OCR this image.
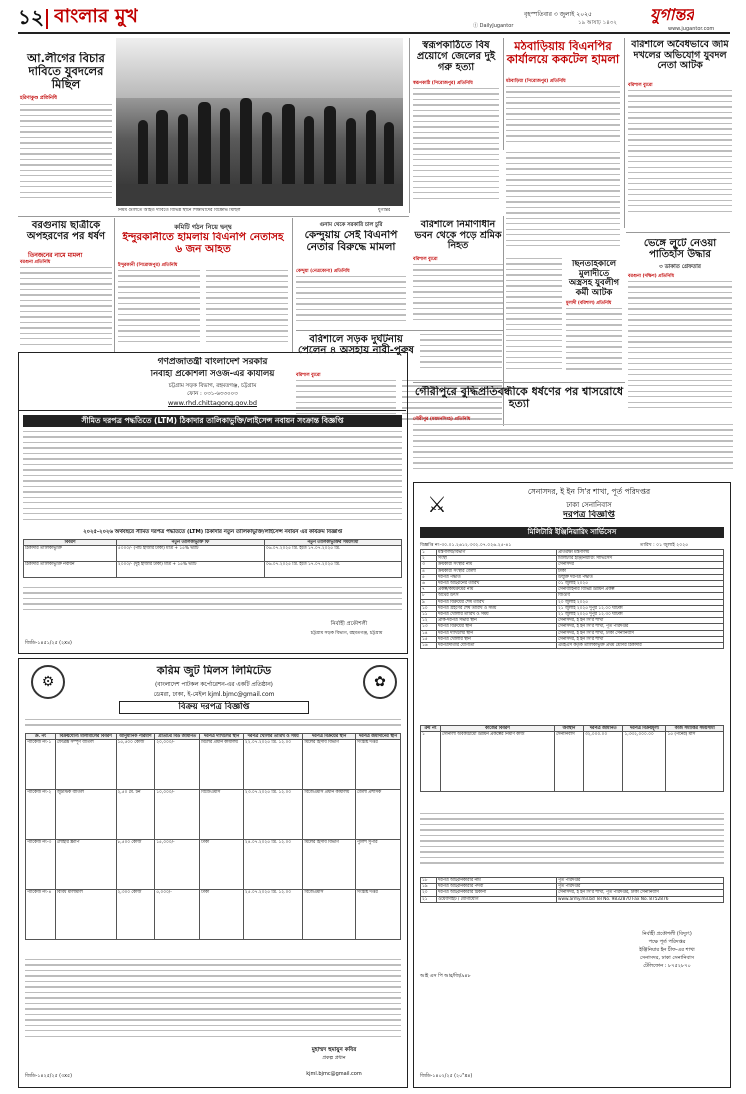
১২ বাংলার মুখ	বৃহস্পতিবার ৩ জুলাই ২০২৫
১৯ আষাঢ় ১৪৩২ যুগান্তর
ⓕ DailyJugantor	www.jugantor.com
আ.লীগের বিচার দাবিতে যুবদলের মিছিল
হরিণাকুণ্ড প্রতিনিধি
নির্মম গুলিতে আহত দাবিতে বিভিন্ন স্থানে শিক্ষার্থীদের বিক্ষোভ মিছিল	যুগান্তর
স্বরূপকাঠিতে বিষ প্রয়োগে জেলের দুই গরু হত্যা
স্বরূপকাঠি (পিরোজপুর) প্রতিনিধি
মঠবাড়িয়ায় বিএনপির কার্যালয়ে ককটেল হামলা
মঠবাড়িয়া (পিরোজপুর) প্রতিনিধি
বরিশালে অবৈধভাবে জমি দখলের অভিযোগ যুবদল নেতা আটক
বরিশাল ব্যুরো
বরগুনায় ছাত্রীকে অপহরণের পর ধর্ষণ
তিনজনের নামে মামলা
বরগুনা প্রতিনিধি
কমিটি গঠন নিয়ে দ্বন্দ্ব
ইন্দুরকানীতে হামলায় বিএনপি নেতাসহ ৬ জন আহত
ইন্দুরকানী (পিরোজপুর) প্রতিনিধি
গুনাম থেকে সরকারি চাল চুরি
কেন্দুয়ায় সেই বিএনপি নেতার বিরুদ্ধে মামলা
কেন্দুয়া (নেত্রকোনা) প্রতিনিধি
বরিশালে নির্মাণাধীন ভবন থেকে পড়ে শ্রমিক নিহত
বরিশাল ব্যুরো	ছিনতাইকালে মুলাদীতে অস্ত্রসহ যুবলীগ কর্মী আটক
মুলাদী (বরিশাল) প্রতিনিধি
ভেঙ্গে লুটে নেওয়া পাতিহাঁস উদ্ধার
৩ ডাকাত গ্রেফতার
বরগুনা (দক্ষিণ) প্রতিনিধি
বরিশালে সড়ক দুর্ঘটনায় পেলেন ৪ অসহায় নারী-পুরুষ
বরিশাল ব্যুরো
গৌরীপুরে বুদ্ধিপ্রতিবন্ধীকে ধর্ষণের পর শ্বাসরোধে হত্যা
গৌরীপুর (ময়মনসিংহ) প্রতিনিধি
গণপ্রজাতন্ত্রী বাংলাদেশ সরকার
নির্বাহী প্রকৌশলী সওজ-এর কার্যালয়
চট্টগ্রাম সড়ক বিভাগ, রহমতগঞ্জ, চট্টগ্রাম
ফোন : ০৩১-৬৩৩০০৩
www.rhd.chittagong.gov.bd
সীমিত দরপত্র পদ্ধতিতে (LTM) ঠিকাদার তালিকাভুক্তি/লাইসেন্স নবায়ন সংক্রান্ত বিজ্ঞপ্তি
২০২৫-২০২৬ অর্থবছরে সীমিত দরপত্র পদ্ধতিতে (LTM) ঠিকাদার নতুন তালিকাভুক্তি/লাইসেন্স নবায়ন এর কার্যক্রম বিজ্ঞপ্তি
বিবরণ	নতুন তালিকাভুক্তি ফি	নতুন তালিকাভুক্তির সময়সীমা
ঠিকাদার তালিকাভুক্তি	৫০০০/- (পাঁচ হাজার টাকা) মাত্র + ১৫% ভ্যাট	০৬.০৭.২০২৫ খ্রি. হতে ১৭.০৭.২০২৫ খ্রি.
ঠিকাদার তালিকাভুক্তি নবায়ন	২০০০/- (দুই হাজার টাকা) মাত্র + ১৫% ভ্যাট	০৬.০৭.২০২৫ খ্রি. হতে ১৭.০৭.২০২৫ খ্রি.
নির্বাহী প্রকৌশলী
চট্টগ্রাম সড়ক বিভাগ, রহমতগঞ্জ, চট্টগ্রাম
জিডি-১৪৫১/২৫ (২x৪)
⚙	✿
করিম জুট মিলস লিমিটেড
(বাংলাদেশ পাটকল কর্পোরেশন-এর একটি প্রতিষ্ঠান)
ডেমরা, ঢাকা, ই-মেইল kjml.bjmc@gmail.com
বিক্রয় দরপত্র বিজ্ঞপ্তি
ক্র. নং	বিক্রয়যোগ্য মালামালের বিবরণ	আনুমানিক পরিমাণ	প্রতিটির বিড জামানত	দরপত্র দাখিলের স্থান	দরপত্র খোলার তারিখ ও সময়	দরপত্র বিক্রয়ের স্থান	দরপত্র জমাদানের স্থান
প্যাকেজ নং-১	ফেব্রিক্স সম্পূর্ণ বাতিল	১৫,৫০০ কেজি	২০,০০০/-	মিলের প্রধান কার্যালয়	২২.০৭.২০২৫ খ্রি. ১২.০০	মিলের হিসাব বিভাগ	সংশ্লিষ্ট দপ্তর
প্যাকেজ নং-২	জুটস্টিক বাতিল	২,৫০ মে. টন	১০,০০০/-	বিজেএমসি	২৩.০৭.২০২৫ খ্রি. ১২.০০	বিজেএমসি প্রধান কার্যালয়	জেলা প্রশাসক
প্যাকেজ নং-৩	লোহার স্ক্র্যাপ	৮,৫০০ কেজি	১৫,০০০/-	ঢাকা	২৪.০৭.২০২৫ খ্রি. ১২.০০	মিলের হিসাব বিভাগ	পুলিশ সুপার
প্যাকেজ নং-৪	বিবিধ মালামাল	২,৩০০ কেজি	৫,০০০/-	ঢাকা	২৫.০৭.২০২৫ খ্রি. ১২.০০	বিজেএমসি	সংশ্লিষ্ট দপ্তর
মুহাম্মদ হুমায়ুন কবির
প্রকল্প প্রধান
kjml.bjmc@gmail.com
জিডি-১৪২৫/২৫ (৩x৫)
⚔
সেনাসদর, ই ইন সি'র শাখা, পূর্ত পরিদপ্তর
ঢাকা সেনানিবাস
দরপত্র বিজ্ঞপ্তি
মিলিটারি ইঞ্জিনিয়ারিং সার্ভিসেস
বিজ্ঞপ্তি নং-৩০.০১.২৬১২.৩৩২.০৭.০২৬.২৫-৪১	তারিখ : ০১ জুলাই ২০২৫
১	মন্ত্রণালয়/বিভাগ	প্রতিরক্ষা মন্ত্রণালয়
২	সংস্থা	মিলিটারি ইঞ্জিনিয়ারিং সার্ভিসেস
৩	ক্রয়কারী সংস্থার নাম	সেনাসদর
৪	ক্রয়কারী সংস্থার জেলা	ঢাকা
৫	দরপত্র পদ্ধতি	উন্মুক্ত দরপত্র পদ্ধতি
৬	দরপত্র আহ্বানের তারিখ	০১ জুলাই ২০২৫
৭	প্রকল্প/কার্যক্রমের নাম	সেনাবাহিনীর বিভিন্ন উন্নয়ন প্রকল্প
৮	অর্থের উৎস	জিওবি
৯	দরপত্র বিক্রয়ের শেষ তারিখ	২০ জুলাই ২০২৫
১০	দরপত্র গ্রহণের শেষ তারিখ ও সময়	২১ জুলাই ২০২৫ দুপুর ১২.০০ ঘটিকা
১১	দরপত্র খোলার তারিখ ও সময়	২১ জুলাই ২০২৫ দুপুর ১২.৩০ ঘটিকা
১২	প্রাক-দরপত্র সভার স্থান	সেনাসদর, ই ইন সি'র শাখা
১৩	দরপত্র বিক্রয়ের স্থান	সেনাসদর, ই ইন সি'র শাখা, পূর্ত পরিদপ্তর
১৪	দরপত্র দাখিলের স্থান	সেনাসদর, ই ইন সি'র শাখা, ঢাকা সেনানিবাস
১৫	দরপত্র খোলার স্থান	সেনাসদর, ই ইন সি'র শাখা
১৬	দরপত্রদাতার যোগ্যতা	এমইএস কর্তৃক তালিকাভুক্ত প্রথম শ্রেণির ঠিকাদার
ক্রম নং	কাজের বিবরণ	অবস্থান	দরপত্র জামানত	দরপত্র বিক্রয়মূল্য	কাজ সমাপ্তির সময়সীমা
১	সোনালী অবকাঠামো উন্নয়ন প্রকল্পের নির্মাণ কাজ	সেনানিবাস	৩২,০০০.০০	১,৩৩২,০০০.০০	১৫ (পনের) মাস
১৮	দরপত্র আহ্বানকারীর নাম	পূর্ত পরিদপ্তর
১৯	দরপত্র আহ্বানকারীর পদবী	পূর্ত পরিদপ্তর
২০	দরপত্র আহ্বানকারীর ঠিকানা	সেনাসদর, ই ইন সি'র শাখা, পূর্ত পরিদপ্তর, ঢাকা সেনানিবাস
২১	ওয়েবসাইট / যোগাযোগ	www.army.mil.bd Tel No. 9832870 Fax No. 8752876
নির্বাহী প্রকৌশলী (বিদ্যুৎ)
পক্ষে পূর্ত পরিদপ্তর
ইঞ্জিনিয়ার ইন চীফ-এর শাখা
সেনাসদর, ঢাকা সেনানিবাস
টেলিফোন : ৮৭৫২৮৭০
আই এস পি আর/জি/৯৪৮
জিডি-১৪০২/২৫ (২০"x৪)
